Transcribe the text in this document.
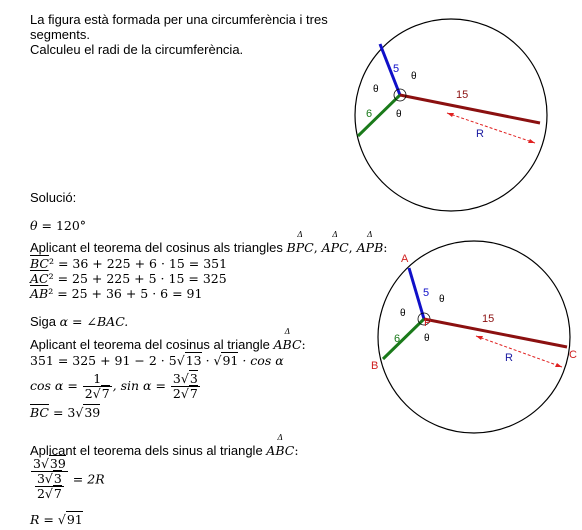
La figura està formada per una circumferència i tres
segments.
Calculeu el radi de la circumferència.
5
6
15
R
θ
θ
θ
A
B
C
P
5
6
15
R
θ
θ
θ
Solució:
θ = 120°
Aplicant el teorema del cosinus als triangles Δ BPC, Δ APC, Δ APB:
$\overline{BC}^2 = 36 + 225 + 6 \cdot 15 = 351$
$\overline{AC}^2 = 25 + 225 + 5 \cdot 15 = 325$
$\overline{AB}^2 = 25 + 36 + 5 \cdot 6 = 91$
Siga α = ∠BAC.
Aplicant el teorema del cosinus al triangle Δ ABC:
351 = 325 + 91 − 2 · 5√13 · √91 · cos α
$\cos \alpha = \frac{1}{2√7}$ , $\sin \alpha = \frac{3√3}{2√7}$
$\overline{BC} = 3√39$
Aplicant el teorema dels sinus al triangle Δ ABC:
$\frac{3√39}{\frac{3√3}{2√7}} = 2R$
R = √91
